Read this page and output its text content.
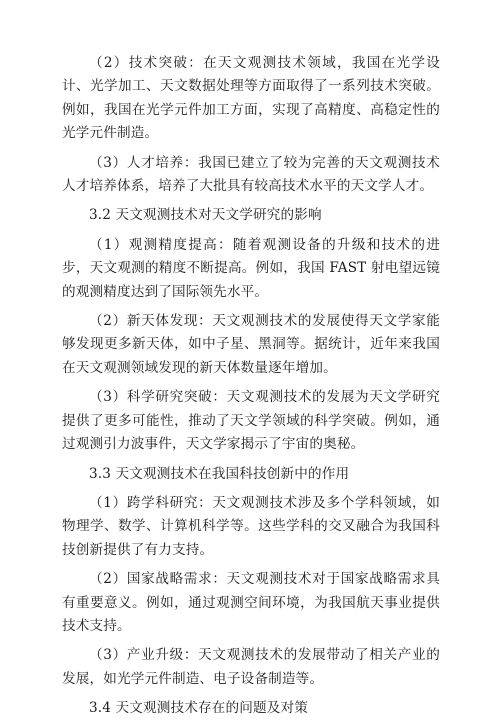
（2）技术突破：在天文观测技术领域，我国在光学设计、光学加工、天文数据处理等方面取得了一系列技术突破。例如，我国在光学元件加工方面，实现了高精度、高稳定性的光学元件制造。

（3）人才培养：我国已建立了较为完善的天文观测技术人才培养体系，培养了大批具有较高技术水平的天文学人才。

3.2 天文观测技术对天文学研究的影响

（1）观测精度提高：随着观测设备的升级和技术的进步，天文观测的精度不断提高。例如，我国 FAST 射电望远镜的观测精度达到了国际领先水平。

（2）新天体发现：天文观测技术的发展使得天文学家能够发现更多新天体，如中子星、黑洞等。据统计，近年来我国在天文观测领域发现的新天体数量逐年增加。

（3）科学研究突破：天文观测技术的发展为天文学研究提供了更多可能性，推动了天文学领域的科学突破。例如，通过观测引力波事件，天文学家揭示了宇宙的奥秘。

3.3 天文观测技术在我国科技创新中的作用

（1）跨学科研究：天文观测技术涉及多个学科领域，如物理学、数学、计算机科学等。这些学科的交叉融合为我国科技创新提供了有力支持。

（2）国家战略需求：天文观测技术对于国家战略需求具有重要意义。例如，通过观测空间环境，为我国航天事业提供技术支持。

（3）产业升级：天文观测技术的发展带动了相关产业的发展，如光学元件制造、电子设备制造等。

3.4 天文观测技术存在的问题及对策
